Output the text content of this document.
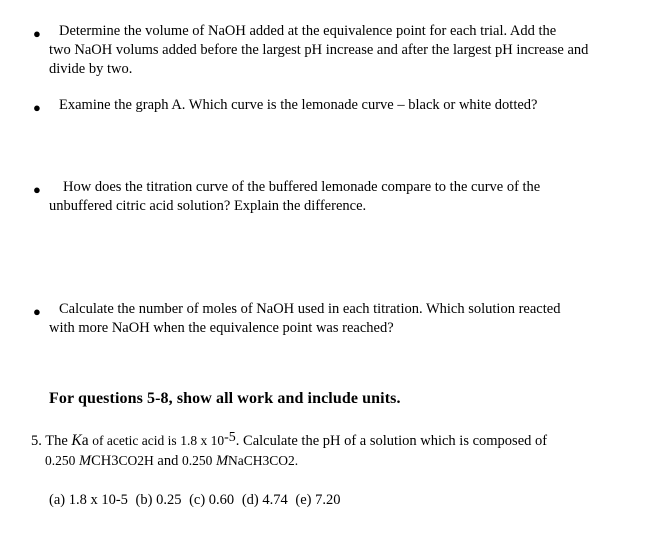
●	Determine the volume of NaOH added at the equivalence point for each trial. Add the
two NaOH volums added before the largest pH increase and after the largest pH increase and divide by two.
●	Examine the graph A. Which curve is the lemonade curve – black or white dotted?
●	How does the titration curve of the buffered lemonade compare to the curve of the
unbuffered citric acid solution? Explain the difference.
●	Calculate the number of moles of NaOH used in each titration. Which solution reacted
with more NaOH when the equivalence point was reached?
For questions 5-8, show all work and include units.
5. The Ka of acetic acid is 1.8 x $10^{-5}$. Calculate the pH of a solution which is composed of
0.250 MCH3CO2H and 0.250 MNaCH3CO2.
(a) 1.8 x 10-5 (b) 0.25 (c) 0.60 (d) 4.74 (e) 7.20
